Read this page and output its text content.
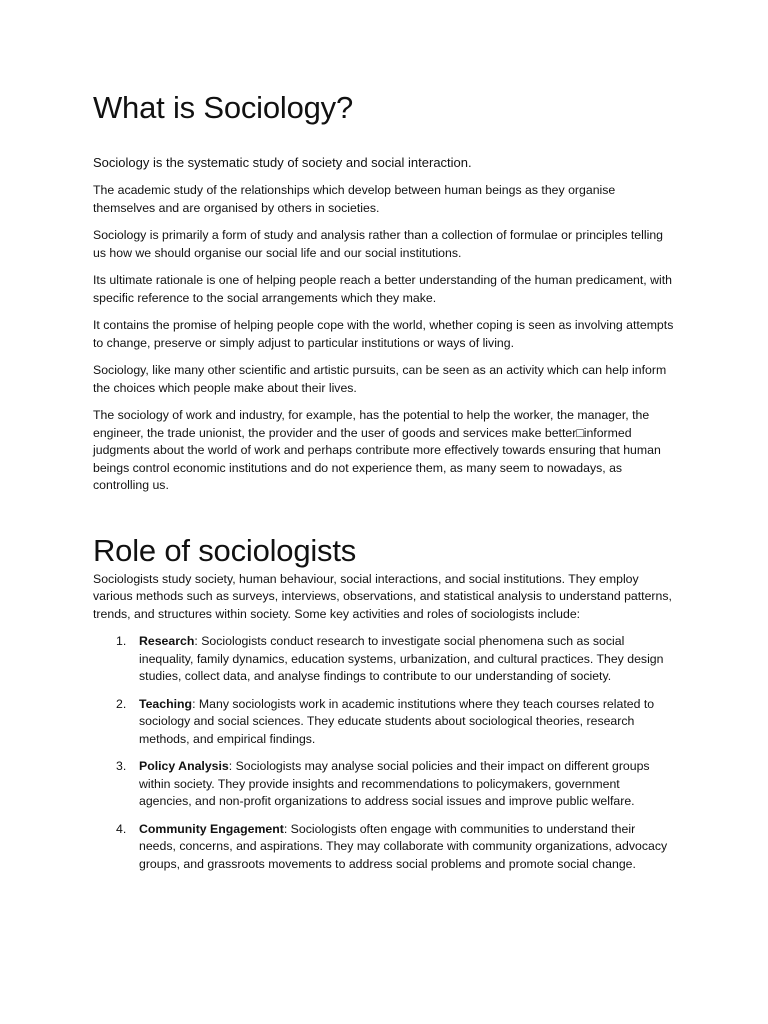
What is Sociology?

Sociology is the systematic study of society and social interaction.

The academic study of the relationships which develop between human beings as they organise themselves and are organised by others in societies.

Sociology is primarily a form of study and analysis rather than a collection of formulae or principles telling us how we should organise our social life and our social institutions.

Its ultimate rationale is one of helping people reach a better understanding of the human predicament, with specific reference to the social arrangements which they make.

It contains the promise of helping people cope with the world, whether coping is seen as involving attempts to change, preserve or simply adjust to particular institutions or ways of living.

Sociology, like many other scientific and artistic pursuits, can be seen as an activity which can help inform the choices which people make about their lives.

The sociology of work and industry, for example, has the potential to help the worker, the manager, the engineer, the trade unionist, the provider and the user of goods and services make better□informed judgments about the world of work and perhaps contribute more effectively towards ensuring that human beings control economic institutions and do not experience them, as many seem to nowadays, as controlling us.

Role of sociologists

Sociologists study society, human behaviour, social interactions, and social institutions. They employ various methods such as surveys, interviews, observations, and statistical analysis to understand patterns, trends, and structures within society. Some key activities and roles of sociologists include:

1. Research: Sociologists conduct research to investigate social phenomena such as social inequality, family dynamics, education systems, urbanization, and cultural practices. They design studies, collect data, and analyse findings to contribute to our understanding of society.
2. Teaching: Many sociologists work in academic institutions where they teach courses related to sociology and social sciences. They educate students about sociological theories, research methods, and empirical findings.
3. Policy Analysis: Sociologists may analyse social policies and their impact on different groups within society. They provide insights and recommendations to policymakers, government agencies, and non-profit organizations to address social issues and improve public welfare.
4. Community Engagement: Sociologists often engage with communities to understand their needs, concerns, and aspirations. They may collaborate with community organizations, advocacy groups, and grassroots movements to address social problems and promote social change.
